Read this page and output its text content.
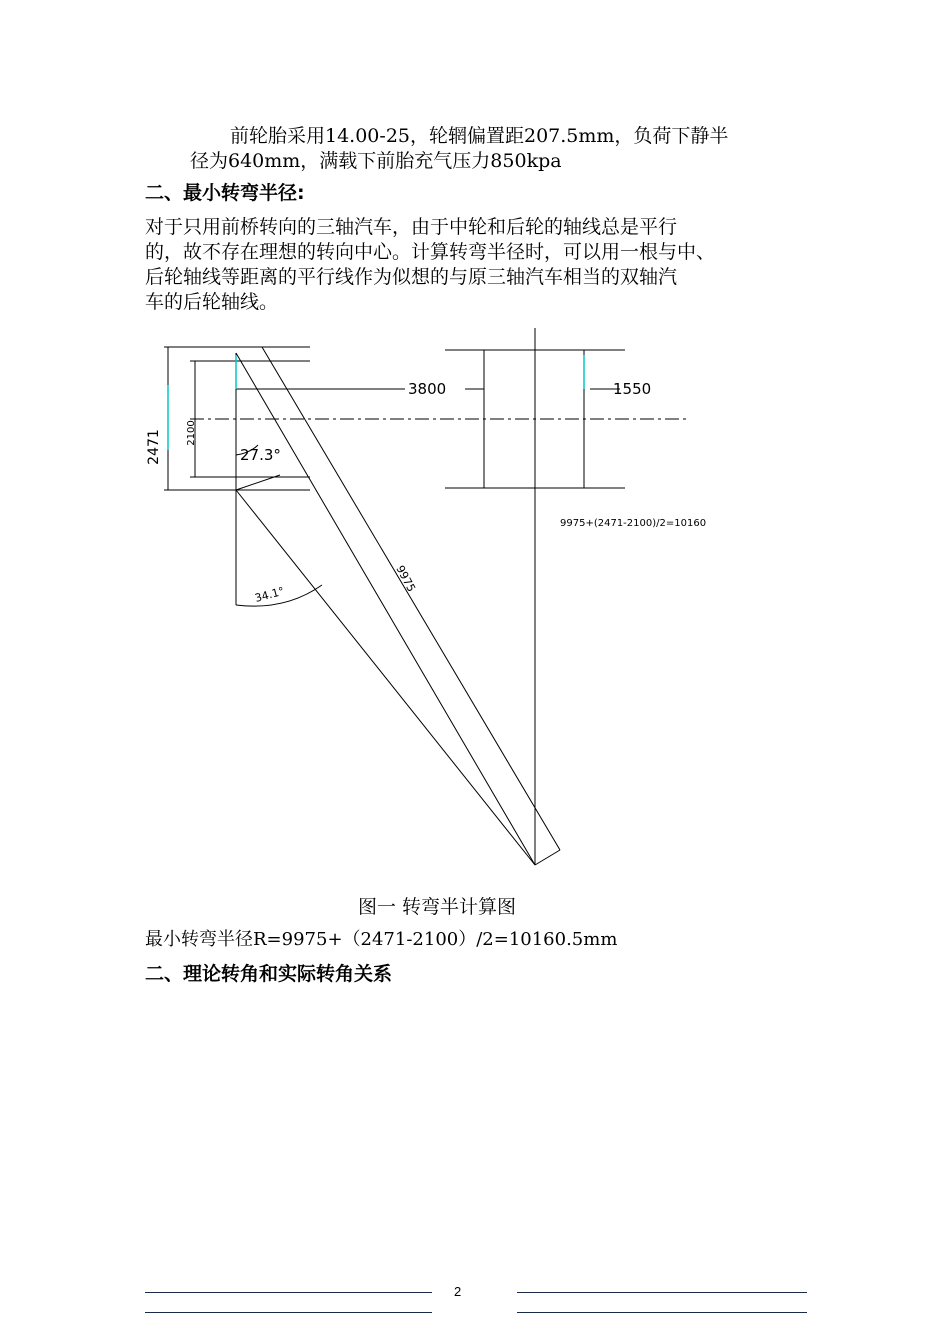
前轮胎采用14.00-25，轮辋偏置距207.5mm，负荷下静半
径为640mm，满载下前胎充气压力850kpa
二、最小转弯半径:
对于只用前桥转向的三轴汽车，由于中轮和后轮的轴线总是平行
的，故不存在理想的转向中心。计算转弯半径时，可以用一根与中、
后轮轴线等距离的平行线作为似想的与原三轴汽车相当的双轴汽
车的后轮轴线。
2471 2100
3800	1550
27.3°
34.1°
9975
9975+(2471-2100)/2=10160
图一 转弯半计算图
最小转弯半径R=9975+（2471-2100）/2=10160.5mm
二、理论转角和实际转角关系
2
